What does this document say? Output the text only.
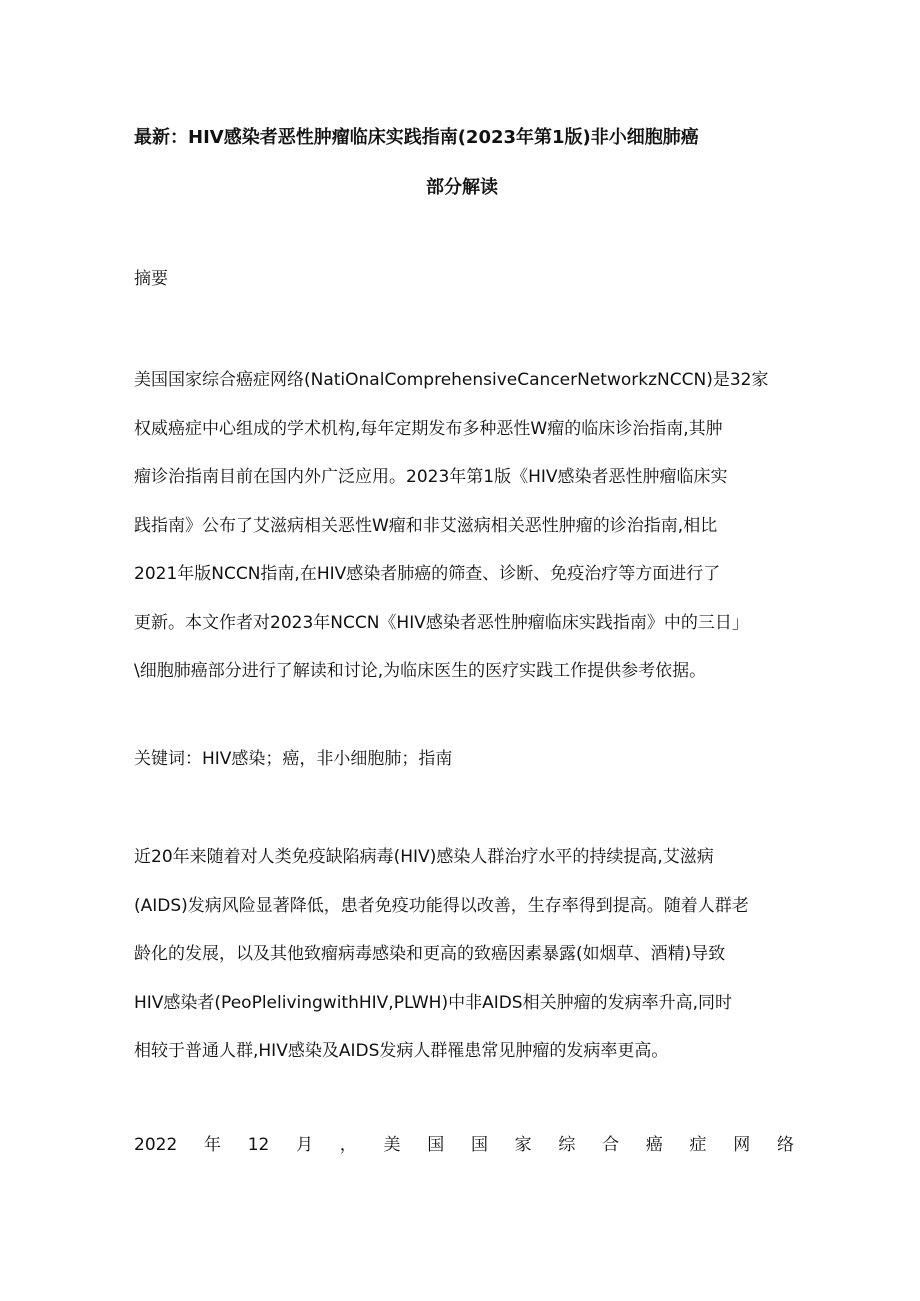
最新：HIV感染者恶性肿瘤临床实践指南(2023年第1版)非小细胞肺癌
部分解读
摘要
美国国家综合癌症网络(NatiOnalComprehensiveCancerNetworkzNCCN)是32家
权威癌症中心组成的学术机构,每年定期发布多种恶性W瘤的临床诊治指南,其肿
瘤诊治指南目前在国内外广泛应用。2023年第1版《HIV感染者恶性肿瘤临床实
践指南》公布了艾滋病相关恶性W瘤和非艾滋病相关恶性肿瘤的诊治指南,相比
2021年版NCCN指南,在HIV感染者肺癌的筛查、诊断、免疫治疗等方面进行了
更新。本文作者对2023年NCCN《HIV感染者恶性肿瘤临床实践指南》中的三日」
\细胞肺癌部分进行了解读和讨论,为临床医生的医疗实践工作提供参考依据。
关键词：HIV感染；癌，非小细胞肺；指南
近20年来随着对人类免疫缺陷病毒(HIV)感染人群治疗水平的持续提高,艾滋病
(AIDS)发病风险显著降低，患者免疫功能得以改善，生存率得到提高。随着人群老
龄化的发展，以及其他致瘤病毒感染和更高的致癌因素暴露(如烟草、酒精)导致
HIV感染者(PeoPlelivingwithHIV,PLWH)中非AIDS相关肿瘤的发病率升高,同时
相较于普通人群,HIV感染及AIDS发病人群罹患常见肿瘤的发病率更高。
2022 年 12 月 ， 美 国 国 家 综 合 癌 症 网 络
